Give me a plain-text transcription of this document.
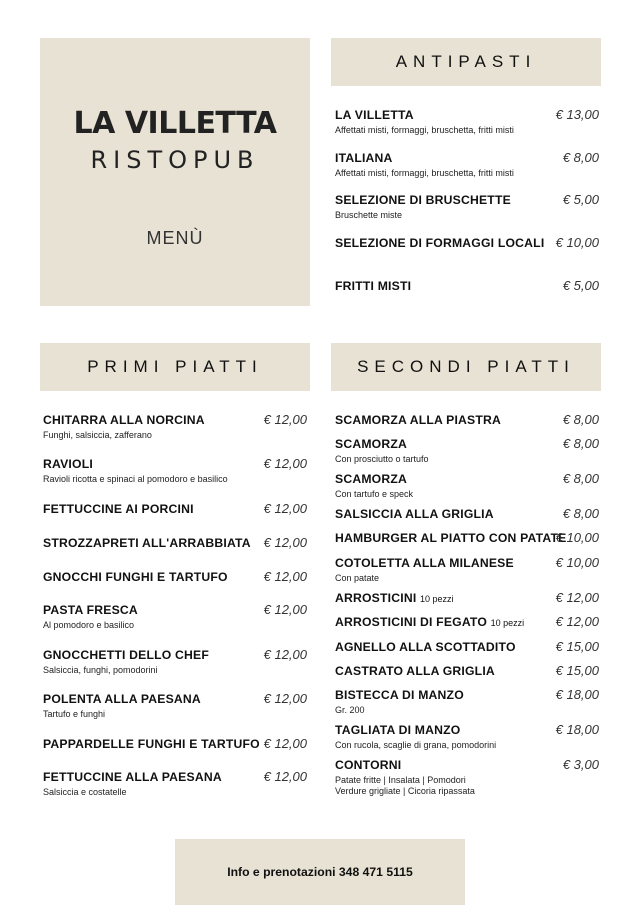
LA VILLETTA
RISTOPUB
MENÙ
ANTIPASTI
PRIMI PIATTI	SECONDI PIATTI
LA VILLETTA
Affettati misti, formaggi, bruschetta, fritti misti
€ 13,00
ITALIANA
Affettati misti, formaggi, bruschetta, fritti misti
€ 8,00
SELEZIONE DI BRUSCHETTE
Bruschette miste
€ 5,00
SELEZIONE DI FORMAGGI LOCALI € 10,00
FRITTI MISTI	€ 5,00
CHITARRA ALLA NORCINA
Funghi, salsiccia, zafferano
€ 12,00
RAVIOLI
Ravioli ricotta e spinaci al pomodoro e basilico
€ 12,00
FETTUCCINE AI PORCINI	€ 12,00
STROZZAPRETI ALL'ARRABBIATA € 12,00
GNOCCHI FUNGHI E TARTUFO	€ 12,00
PASTA FRESCA
Al pomodoro e basilico
€ 12,00
GNOCCHETTI DELLO CHEF
Salsiccia, funghi, pomodorini
€ 12,00
POLENTA ALLA PAESANA
Tartufo e funghi
€ 12,00
PAPPARDELLE FUNGHI E TARTUFO € 12,00
FETTUCCINE ALLA PAESANA
Salsiccia e costatelle
€ 12,00
SCAMORZA ALLA PIASTRA	€ 8,00
SCAMORZA
Con prosciutto o tartufo
€ 8,00
SCAMORZA
Con tartufo e speck
€ 8,00
SALSICCIA ALLA GRIGLIA	€ 8,00
HAMBURGER AL PIATTO CON PATATE
€ 10,00
COTOLETTA ALLA MILANESE
Con patate
€ 10,00
ARROSTICINI 10 pezzi	€ 12,00
ARROSTICINI DI FEGATO 10 pezzi	€ 12,00
AGNELLO ALLA SCOTTADITO	€ 15,00
CASTRATO ALLA GRIGLIA	€ 15,00
BISTECCA DI MANZO
Gr. 200
€ 18,00
TAGLIATA DI MANZO
Con rucola, scaglie di grana, pomodorini
€ 18,00
CONTORNI
Patate fritte | Insalata | Pomodori
Verdure grigliate | Cicoria ripassata
€ 3,00
Info e prenotazioni 348 471 5115
